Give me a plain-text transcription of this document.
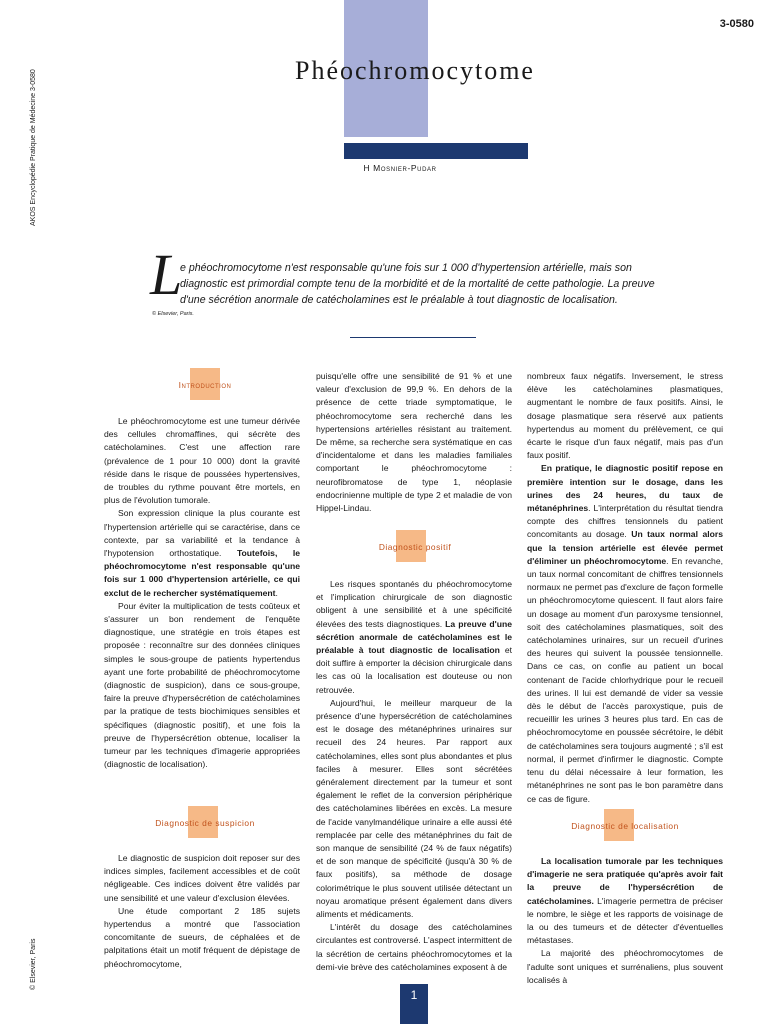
3-0580
AKOS Encyclopédie Pratique de Médecine 3-0580
© Elsevier, Paris
Phéochromocytome
H Mosnier-Pudar
L
e phéochromocytome n'est responsable qu'une fois sur 1 000 d'hypertension artérielle, mais son diagnostic est primordial compte tenu de la morbidité et de la mortalité de cette pathologie. La preuve d'une sécrétion anormale de catécholamines est le préalable à tout diagnostic de localisation.
© Elsevier, Paris.
Introduction

Le phéochromocytome est une tumeur dérivée des cellules chromaffines, qui sécrète des catécholamines. C'est une affection rare (prévalence de 1 pour 10 000) dont la gravité réside dans le risque de poussées hypertensives, de troubles du rythme pouvant être mortels, en plus de l'évolution tumorale.

Son expression clinique la plus courante est l'hypertension artérielle qui se caractérise, dans ce contexte, par sa variabilité et la tendance à l'hypotension orthostatique. Toutefois, le phéochromocytome n'est responsable qu'une fois sur 1 000 d'hypertension artérielle, ce qui exclut de le rechercher systématiquement.

Pour éviter la multiplication de tests coûteux et s'assurer un bon rendement de l'enquête diagnostique, une stratégie en trois étapes est proposée : reconnaître sur des données cliniques simples le sous-groupe de patients hypertendus ayant une forte probabilité de phéochromocytome (diagnostic de suspicion), dans ce sous-groupe, faire la preuve d'hypersécrétion de catécholamines par la pratique de tests biochimiques sensibles et spécifiques (diagnostic positif), et une fois la preuve de l'hypersécrétion obtenue, localiser la tumeur par les techniques d'imagerie appropriées (diagnostic de localisation).

Diagnostic de suspicion

Le diagnostic de suspicion doit reposer sur des indices simples, facilement accessibles et de coût négligeable. Ces indices doivent être validés par une sensibilité et une valeur d'exclusion élevées.

Une étude comportant 2 185 sujets hypertendus a montré que l'association concomitante de sueurs, de céphalées et de palpitations était un motif fréquent de dépistage de phéochromocytome,

puisqu'elle offre une sensibilité de 91 % et une valeur d'exclusion de 99,9 %. En dehors de la présence de cette triade symptomatique, le phéochromocytome sera recherché dans les hypertensions artérielles résistant au traitement. De même, sa recherche sera systématique en cas d'incidentalome et dans les maladies familiales comportant le phéochromocytome : neurofibromatose de type 1, néoplasie endocrinienne multiple de type 2 et maladie de von Hippel-Lindau.

Diagnostic positif

Les risques spontanés du phéochromocytome et l'implication chirurgicale de son diagnostic obligent à une sensibilité et à une spécificité élevées des tests diagnostiques. La preuve d'une sécrétion anormale de catécholamines est le préalable à tout diagnostic de localisation et doit suffire à emporter la décision chirurgicale dans les cas où la localisation est douteuse ou non retrouvée.

Aujourd'hui, le meilleur marqueur de la présence d'une hypersécrétion de catécholamines est le dosage des métanéphrines urinaires sur recueil des 24 heures. Par rapport aux catécholamines, elles sont plus abondantes et plus faciles à mesurer. Elles sont sécrétées généralement directement par la tumeur et sont également le reflet de la conversion périphérique des catécholamines libérées en excès. La mesure de l'acide vanylmandélique urinaire a elle aussi été remplacée par celle des métanéphrines du fait de son manque de sensibilité (24 % de faux négatifs) et de son manque de spécificité (jusqu'à 30 % de faux positifs), sa méthode de dosage colorimétrique le plus souvent utilisée détectant un noyau aromatique présent également dans divers aliments et médicaments.

L'intérêt du dosage des catécholamines circulantes est controversé. L'aspect intermittent de la sécrétion de certains phéochromocytomes et la demi-vie brève des catécholamines exposent à de

nombreux faux négatifs. Inversement, le stress élève les catécholamines plasmatiques, augmentant le nombre de faux positifs. Ainsi, le dosage plasmatique sera réservé aux patients hypertendus au moment du prélèvement, ce qui écarte le risque d'un faux négatif, mais pas d'un faux positif.

En pratique, le diagnostic positif repose en première intention sur le dosage, dans les urines des 24 heures, du taux de métanéphrines. L'interprétation du résultat tiendra compte des chiffres tensionnels du patient concomitants au dosage. Un taux normal alors que la tension artérielle est élevée permet d'éliminer un phéochromocytome. En revanche, un taux normal concomitant de chiffres tensionnels normaux ne permet pas d'exclure de façon formelle un phéochromocytome quiescent. Il faut alors faire un dosage au moment d'un paroxysme tensionnel, soit des catécholamines plasmatiques, soit des catécholamines urinaires, sur un recueil d'urines des heures qui suivent la poussée tensionnelle. Dans ce cas, on confie au patient un bocal contenant de l'acide chlorhydrique pour le recueil des urines. Il lui est demandé de vider sa vessie dès le début de l'accès paroxystique, puis de recueillir les urines 3 heures plus tard. En cas de phéochromocytome en poussée sécrétoire, le débit de catécholamines sera toujours augmenté ; s'il est normal, il permet d'infirmer le diagnostic. Compte tenu du délai nécessaire à leur formation, les métanéphrines ne sont pas le bon paramètre dans ce cas de figure.

Diagnostic de localisation

La localisation tumorale par les techniques d'imagerie ne sera pratiquée qu'après avoir fait la preuve de l'hypersécrétion de catécholamines. L'imagerie permettra de préciser le nombre, le siège et les rapports de voisinage de la ou des tumeurs et de détecter d'éventuelles métastases.

La majorité des phéochromocytomes de l'adulte sont uniques et surrénaliens, plus souvent localisés à

1
